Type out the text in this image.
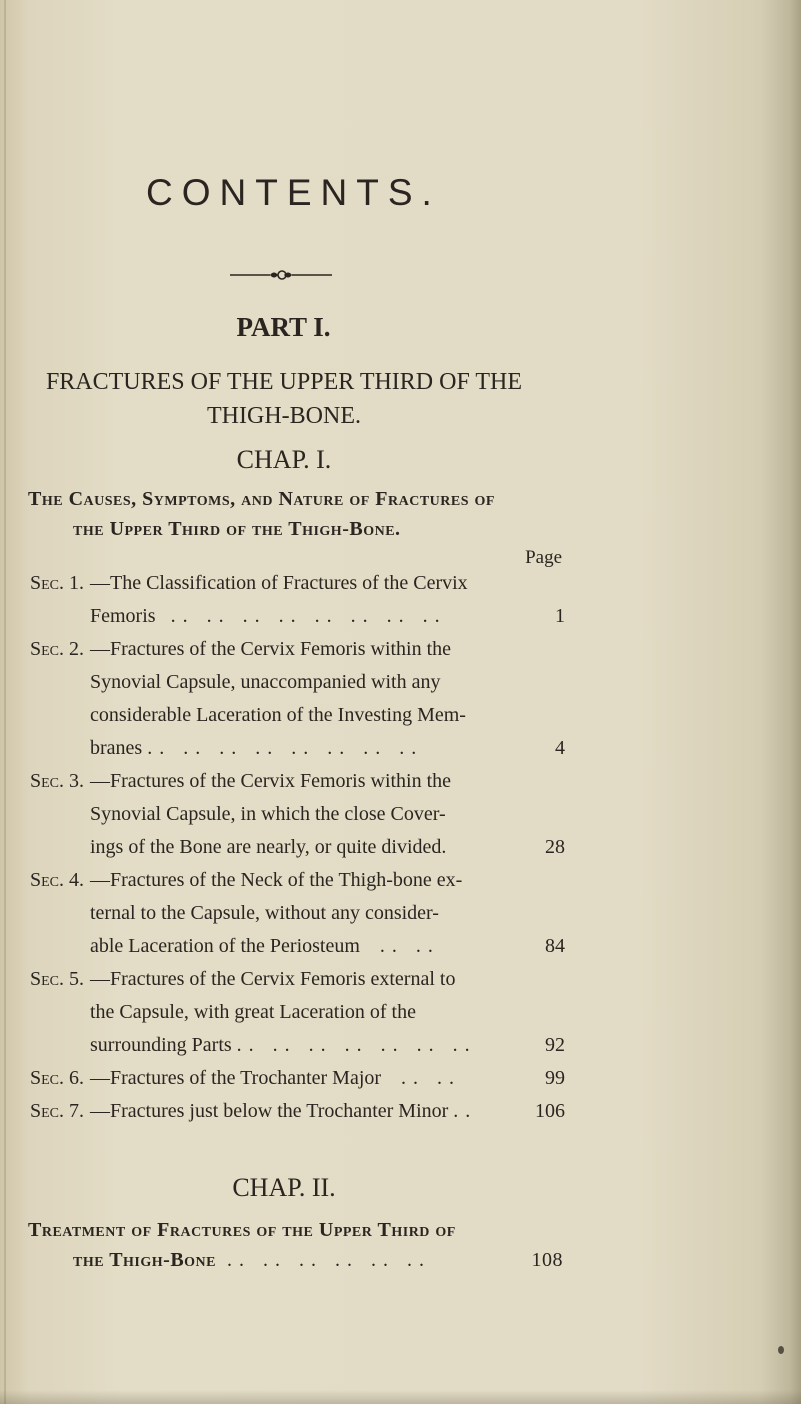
CONTENTS.
PART I.
FRACTURES OF THE UPPER THIRD OF THE
THIGH-BONE.
CHAP. I.
The Causes, Symptoms, and Nature of Fractures of
the Upper Third of the Thigh-Bone.
Page
Sec. 1. —The Classification of Fractures of the Cervix
Femoris .. .. .. .. .. .. .. ..	1
Sec. 2. —Fractures of the Cervix Femoris within the
Synovial Capsule, unaccompanied with any
considerable Laceration of the Investing Mem-
branes .. .. .. .. .. .. .. ..	4
Sec. 3. —Fractures of the Cervix Femoris within the
Synovial Capsule, in which the close Cover-
ings of the Bone are nearly, or quite divided.	28
Sec. 4. —Fractures of the Neck of the Thigh-bone ex-
ternal to the Capsule, without any consider-
able Laceration of the Periosteum .. ..	84
Sec. 5. —Fractures of the Cervix Femoris external to
the Capsule, with great Laceration of the
surrounding Parts .. .. .. .. .. .. ..	92
Sec. 6. —Fractures of the Trochanter Major .. ..	99
Sec. 7. —Fractures just below the Trochanter Minor ..	106
CHAP. II.
Treatment of Fractures of the Upper Third of
the Thigh-Bone .. .. .. .. .. ..	108
